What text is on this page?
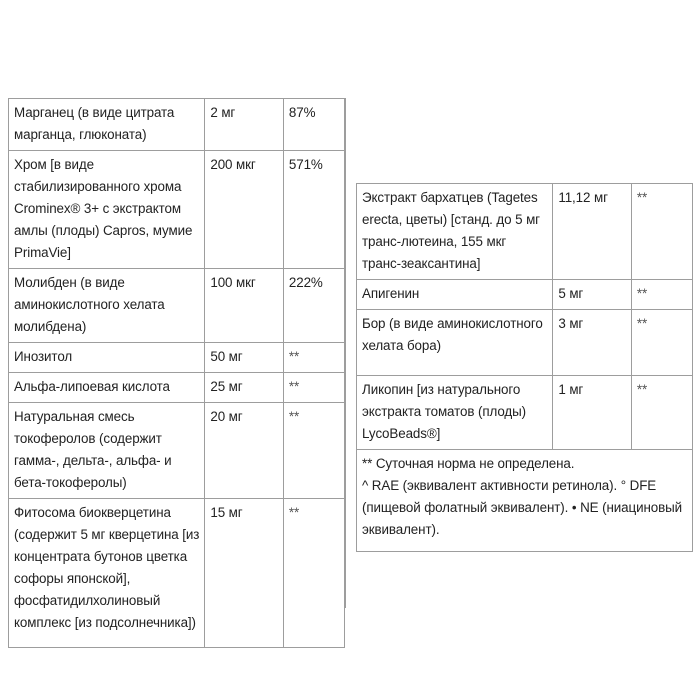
Марганец (в виде цитрата марганца, глюконата)	2 мг	87%
Хром [в виде стабилизированного хрома Crominex® 3+ с экстрактом амлы (плоды) Capros, мумие PrimaVie]	200 мкг	571%
Молибден (в виде аминокислотного хелата молибдена)	100 мкг	222%
Инозитол	50 мг	**
Альфа-липоевая кислота	25 мг	**
Натуральная смесь токоферолов (содержит гамма-, дельта-, альфа- и бета-токоферолы)	20 мг	**
Фитосома биокверцетина (содержит 5 мг кверцетина [из концентрата бутонов цветка софоры японской], фосфатидилхолиновый комплекс [из подсолнечника])	15 мг	**
Экстракт бархатцев (Tagetes erecta, цветы) [станд. до 5 мг транс-лютеина, 155 мкг транс-зеаксантина]	11,12 мг	**
Апигенин	5 мг	**
Бор (в виде аминокислотного хелата бора)	3 мг	**
Ликопин [из натурального экстракта томатов (плоды) LycoBeads®]	1 мг	**

** Суточная норма не определена.
^ RAE (эквивалент активности ретинола). ° DFE (пищевой фолатный эквивалент). • NE (ниациновый эквивалент).		
